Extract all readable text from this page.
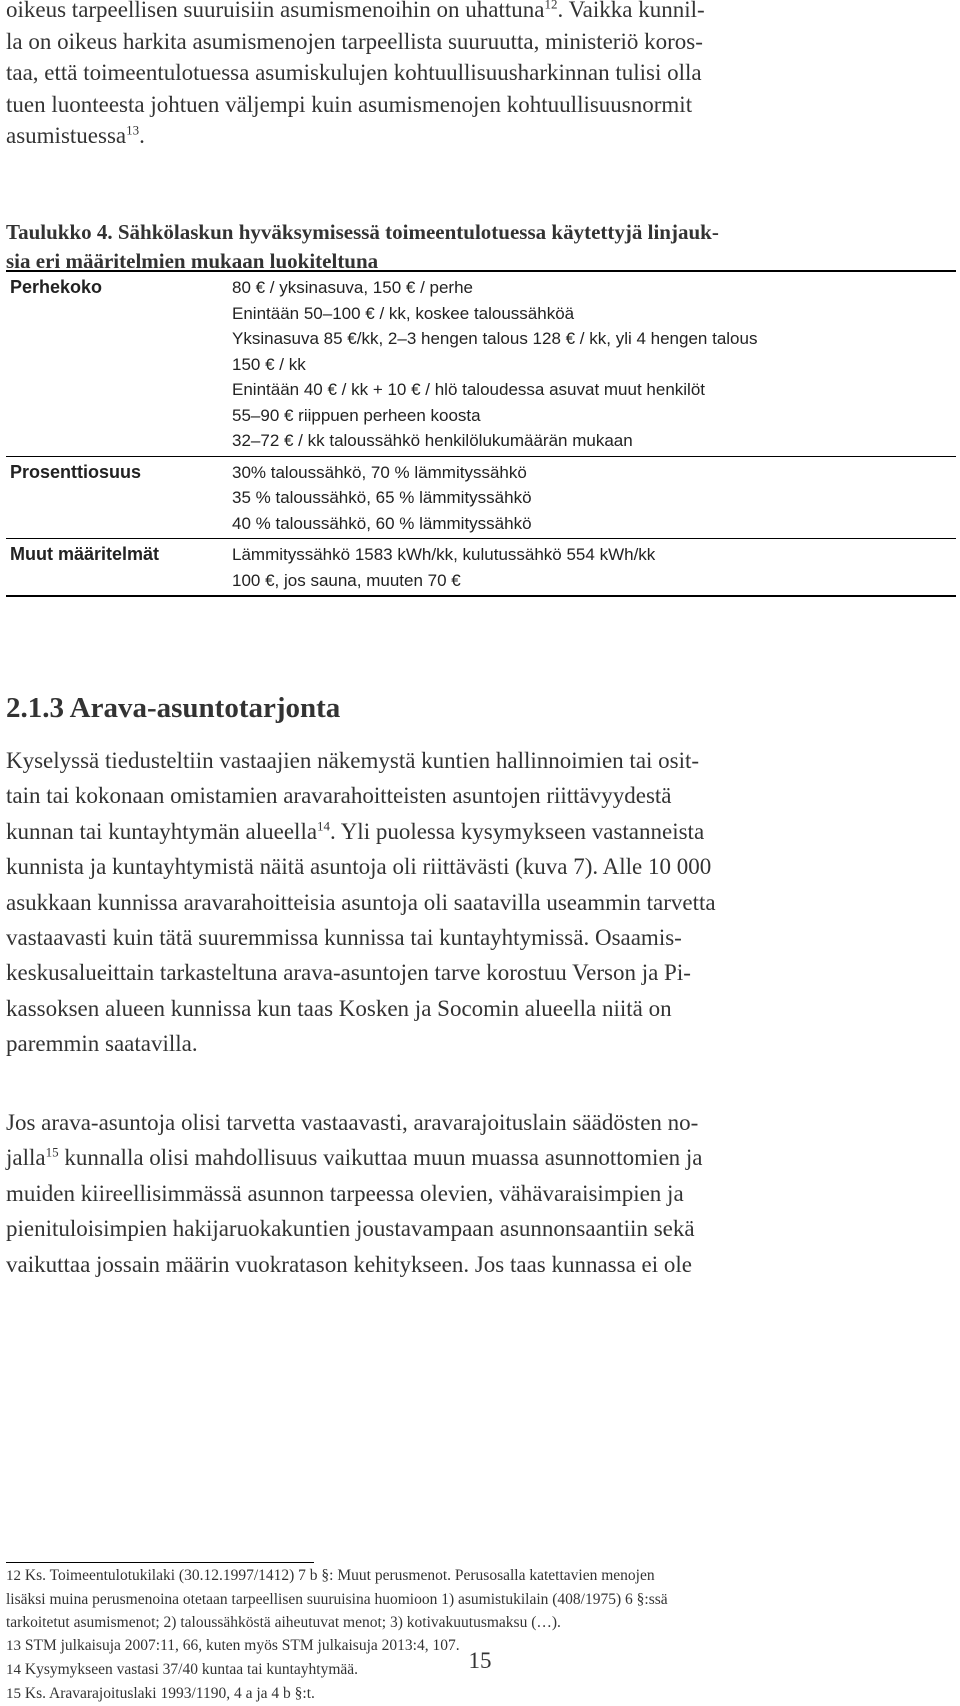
oikeus tarpeellisen suuruisiin asumismenoihin on uhattuna$^{12}$. Vaikka kunnil-

la on oikeus harkita asumismenojen tarpeellista suuruutta, ministeriö koros-

taa, että toimeentulotuessa asumiskulujen kohtuullisuusharkinnan tulisi olla

tuen luonteesta johtuen väljempi kuin asumismenojen kohtuullisuusnormit

asumistuessa$^{13}$.

Taulukko 4. Sähkölaskun hyväksymisessä toimeentulotuessa käytettyjä linjauk-

sia eri määritelmien mukaan luokiteltuna

Perhekoko	80 € / yksinasuva, 150 € / perhe
Enintään 50–100 € / kk, koskee taloussähköä
Yksinasuva 85 €/kk, 2–3 hengen talous 128 € / kk, yli 4 hengen talous
150 € / kk
Enintään 40 € / kk + 10 € / hlö taloudessa asuvat muut henkilöt
55–90 € riippuen perheen koosta
32–72 € / kk taloussähkö henkilölukumäärän mukaan
Prosenttiosuus	30% taloussähkö, 70 % lämmityssähkö
35 % taloussähkö, 65 % lämmityssähkö
40 % taloussähkö, 60 % lämmityssähkö
Muut määritelmät	Lämmityssähkö 1583 kWh/kk, kulutussähkö 554 kWh/kk
100 €, jos sauna, muuten 70 €
2.1.3 Arava-asuntotarjonta

Kyselyssä tiedusteltiin vastaajien näkemystä kuntien hallinnoimien tai osit-

tain tai kokonaan omistamien aravarahoitteisten asuntojen riittävyydestä

kunnan tai kuntayhtymän alueella$^{14}$. Yli puolessa kysymykseen vastanneista

kunnista ja kuntayhtymistä näitä asuntoja oli riittävästi (kuva 7). Alle 10 000

asukkaan kunnissa aravarahoitteisia asuntoja oli saatavilla useammin tarvetta

vastaavasti kuin tätä suuremmissa kunnissa tai kuntayhtymissä. Osaamis-

keskusalueittain tarkasteltuna arava-asuntojen tarve korostuu Verson ja Pi-

kassoksen alueen kunnissa kun taas Kosken ja Socomin alueella niitä on

paremmin saatavilla.

Jos arava-asuntoja olisi tarvetta vastaavasti, aravarajoituslain säädösten no-

jalla$^{15}$ kunnalla olisi mahdollisuus vaikuttaa muun muassa asunnottomien ja

muiden kiireellisimmässä asunnon tarpeessa olevien, vähävaraisimpien ja

pienituloisimpien hakijaruokakuntien joustavampaan asunnonsaantiin sekä

vaikuttaa jossain määrin vuokratason kehitykseen. Jos taas kunnassa ei ole

12 Ks. Toimeentulotukilaki (30.12.1997/1412) 7 b §: Muut perusmenot. Perusosalla katettavien menojen

lisäksi muina perusmenoina otetaan tarpeellisen suuruisina huomioon 1) asumistukilain (408/1975) 6 §:ssä

tarkoitetut asumismenot; 2) taloussähköstä aiheutuvat menot; 3) kotivakuutusmaksu (…).

13 STM julkaisuja 2007:11, 66, kuten myös STM julkaisuja 2013:4, 107.

14 Kysymykseen vastasi 37/40 kuntaa tai kuntayhtymää.

15 Ks. Aravarajoituslaki 1993/1190, 4 a ja 4 b §:t.

15
